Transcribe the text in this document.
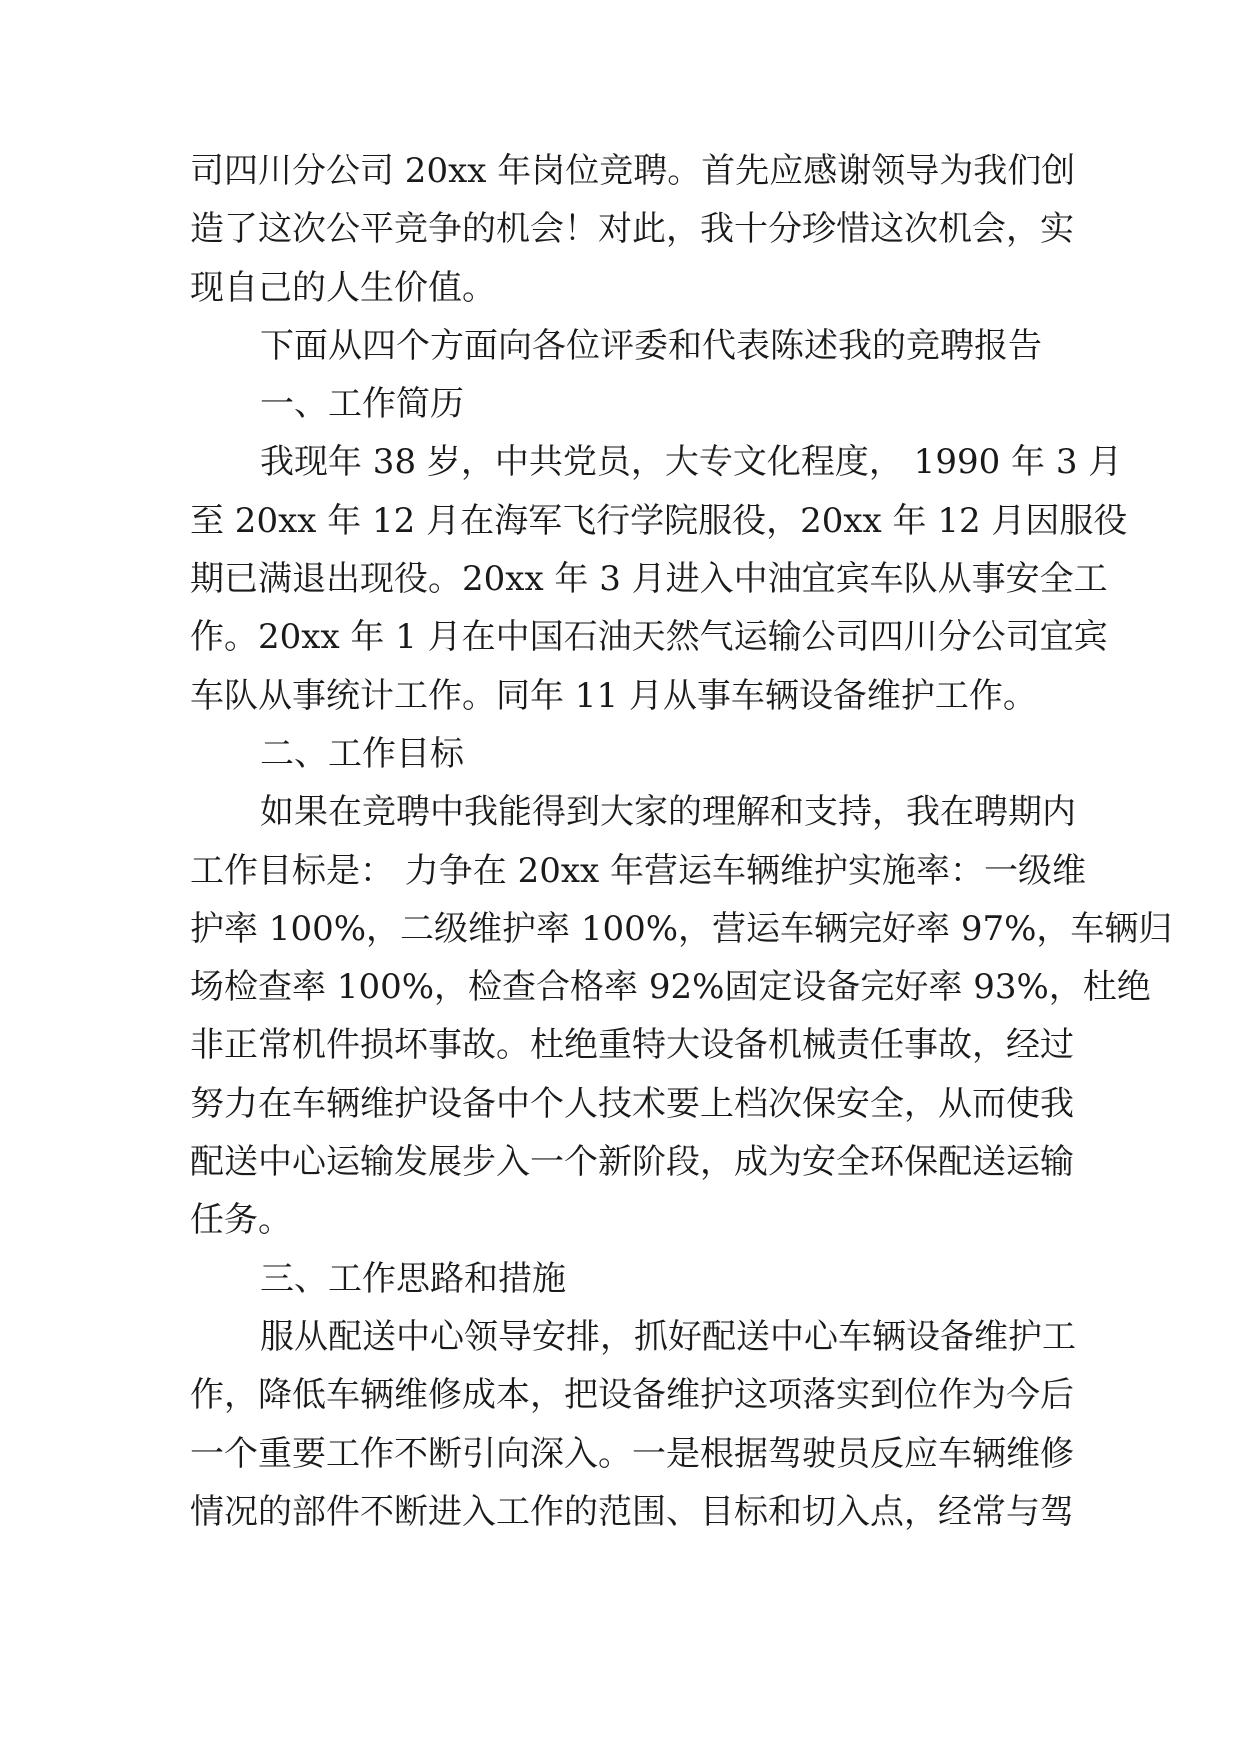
司四川分公司 20xx 年岗位竞聘。首先应感谢领导为我们创
造了这次公平竞争的机会！对此，我十分珍惜这次机会，实
现自己的人生价值。
下面从四个方面向各位评委和代表陈述我的竞聘报告
一、工作简历
我现年 38 岁，中共党员，大专文化程度， 1990 年 3 月
至 20xx 年 12 月在海军飞行学院服役，20xx 年 12 月因服役
期已满退出现役。20xx 年 3 月进入中油宜宾车队从事安全工
作。20xx 年 1 月在中国石油天然气运输公司四川分公司宜宾
车队从事统计工作。同年 11 月从事车辆设备维护工作。
二、工作目标
如果在竞聘中我能得到大家的理解和支持，我在聘期内
工作目标是： 力争在 20xx 年营运车辆维护实施率：一级维
护率 100%，二级维护率 100%，营运车辆完好率 97%，车辆归
场检查率 100%，检查合格率 92%固定设备完好率 93%，杜绝
非正常机件损坏事故。杜绝重特大设备机械责任事故，经过
努力在车辆维护设备中个人技术要上档次保安全，从而使我
配送中心运输发展步入一个新阶段，成为安全环保配送运输
任务。
三、工作思路和措施
服从配送中心领导安排，抓好配送中心车辆设备维护工
作，降低车辆维修成本，把设备维护这项落实到位作为今后
一个重要工作不断引向深入。一是根据驾驶员反应车辆维修
情况的部件不断进入工作的范围、目标和切入点，经常与驾
